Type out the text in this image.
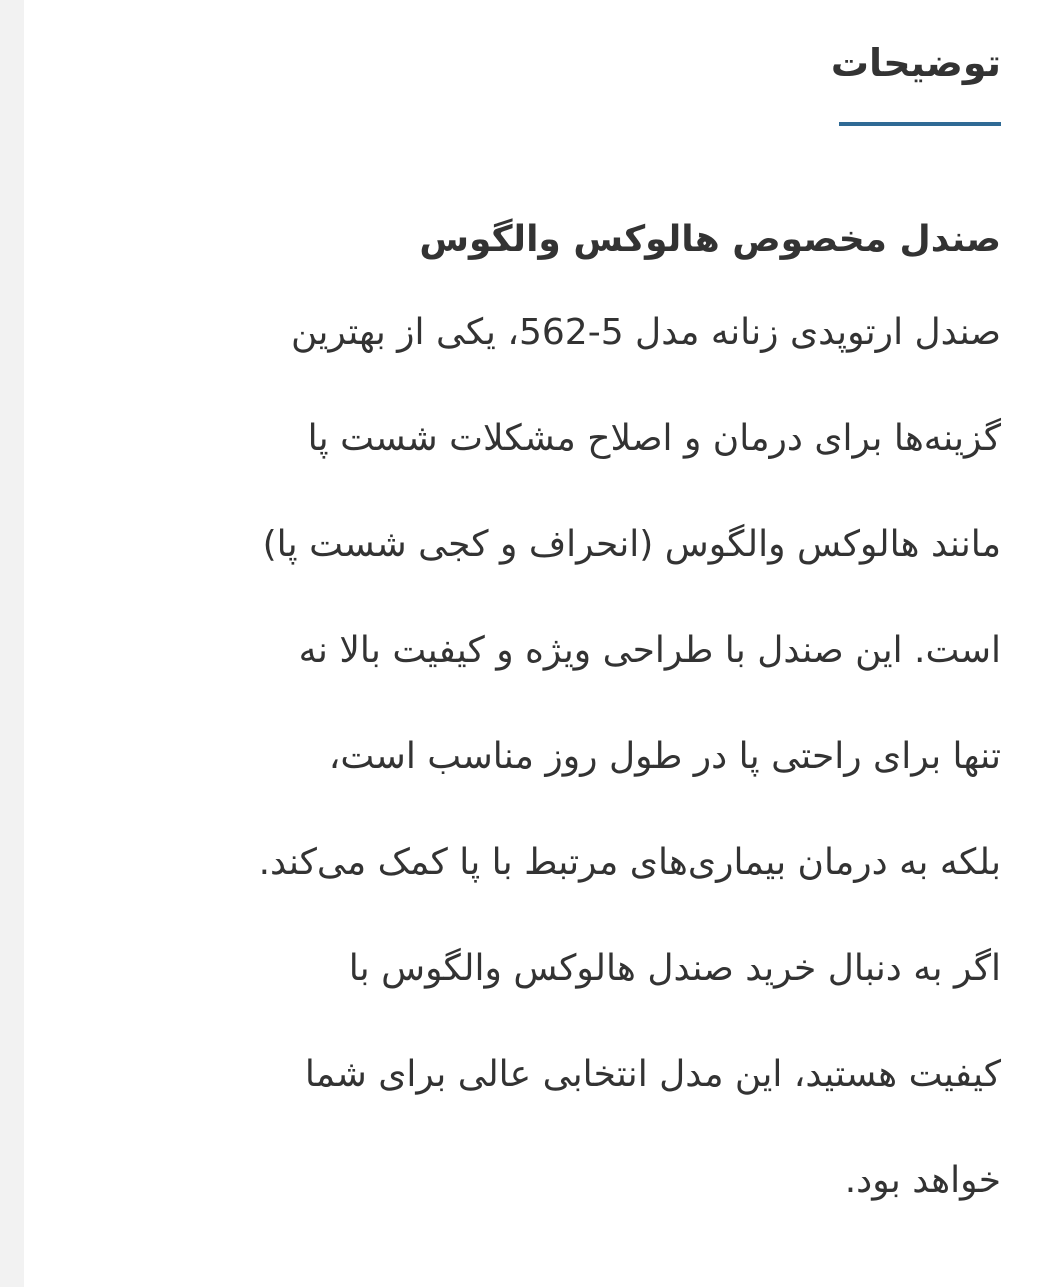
توضیحات
صندل مخصوص هالوکس والگوس

صندل ارتوپدی زنانه مدل 5-562، یکی از بهترین

گزینه‌ها برای درمان و اصلاح مشکلات شست پا

مانند هالوکس والگوس (انحراف و کجی شست پا)

است. این صندل با طراحی ویژه و کیفیت بالا نه

تنها برای راحتی پا در طول روز مناسب است،

بلکه به درمان بیماری‌های مرتبط با پا کمک می‌کند.

اگر به دنبال خرید صندل هالوکس والگوس با

کیفیت هستید، این مدل انتخابی عالی برای شما

خواهد بود.
